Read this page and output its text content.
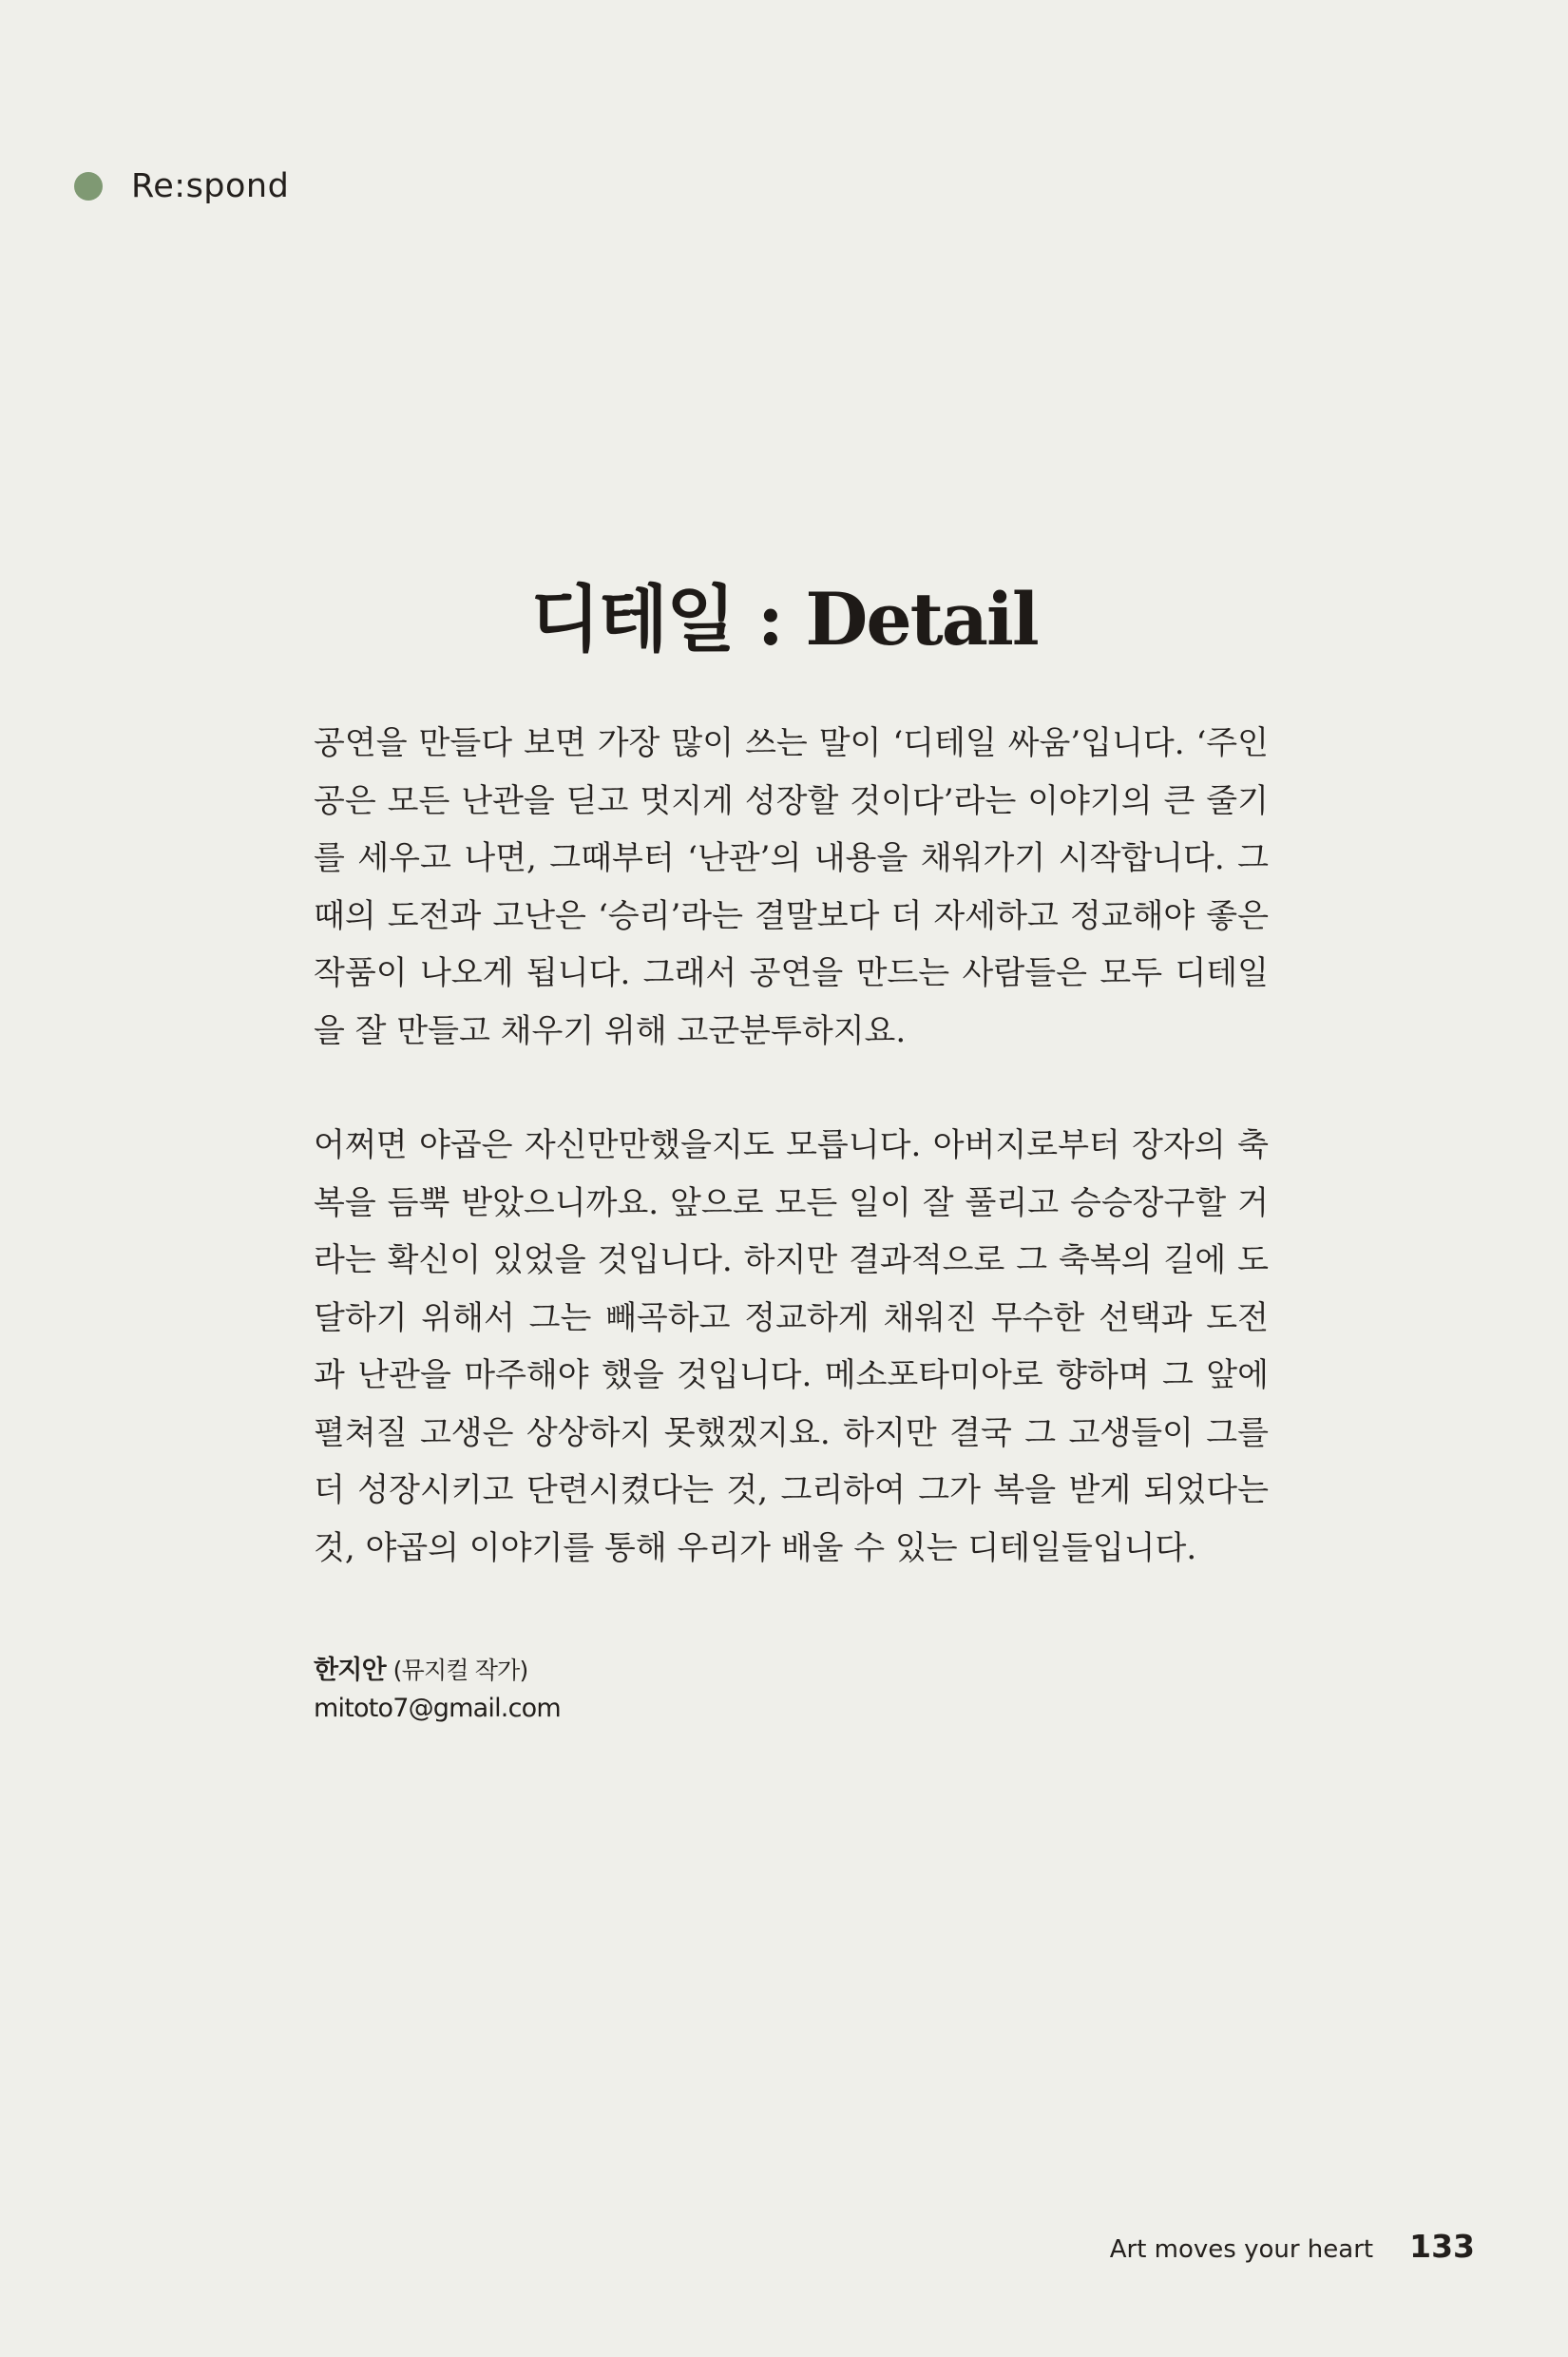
Re:spond
디테일 : Detail

공연을 만들다 보면 가장 많이 쓰는 말이 ‘디테일 싸움’입니다. ‘주인공은 모든 난관을 딛고 멋지게 성장할 것이다’라는 이야기의 큰 줄기를 세우고 나면, 그때부터 ‘난관’의 내용을 채워가기 시작합니다. 그때의 도전과 고난은 ‘승리’라는 결말보다 더 자세하고 정교해야 좋은 작품이 나오게 됩니다. 그래서 공연을 만드는 사람들은 모두 디테일을 잘 만들고 채우기 위해 고군분투하지요.

어쩌면 야곱은 자신만만했을지도 모릅니다. 아버지로부터 장자의 축복을 듬뿍 받았으니까요. 앞으로 모든 일이 잘 풀리고 승승장구할 거라는 확신이 있었을 것입니다. 하지만 결과적으로 그 축복의 길에 도달하기 위해서 그는 빼곡하고 정교하게 채워진 무수한 선택과 도전과 난관을 마주해야 했을 것입니다. 메소포타미아로 향하며 그 앞에 펼쳐질 고생은 상상하지 못했겠지요. 하지만 결국 그 고생들이 그를 더 성장시키고 단련시켰다는 것, 그리하여 그가 복을 받게 되었다는 것, 야곱의 이야기를 통해 우리가 배울 수 있는 디테일들입니다.

한지안 (뮤지컬 작가)
mitoto7@gmail.com
Art moves your heart 133
